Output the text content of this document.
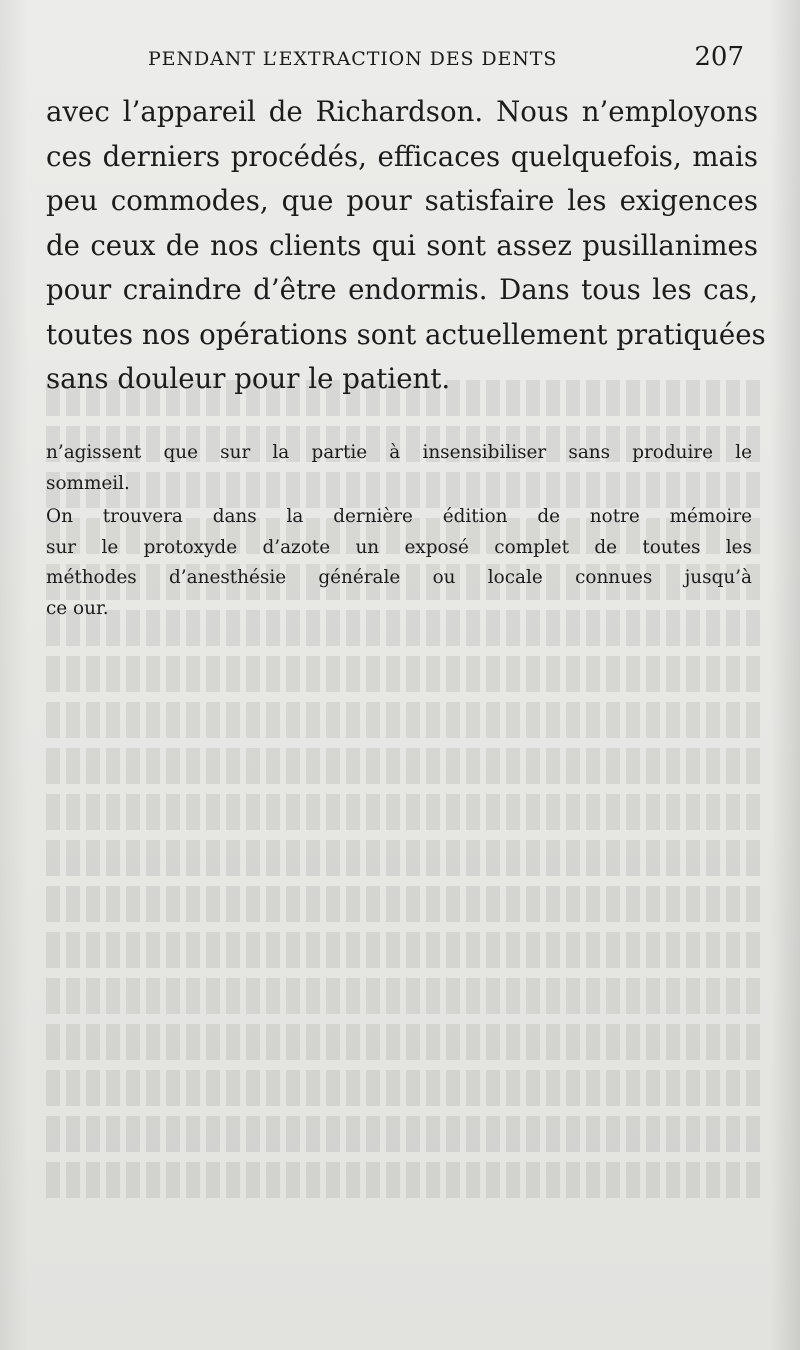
PENDANT L’EXTRACTION DES DENTS	207
avec l’appareil de Richardson. Nous n’employons
ces derniers procédés, efficaces quelquefois, mais
peu commodes, que pour satisfaire les exigences
de ceux de nos clients qui sont assez pusillanimes
pour craindre d’être endormis. Dans tous les cas,
toutes nos opérations sont actuellement pratiquées
sans douleur pour le patient.
n’agissent que sur la partie à insensibiliser sans produire le
sommeil.
On trouvera dans la dernière édition de notre mémoire
sur le protoxyde d’azote un exposé complet de toutes les
méthodes d’anesthésie générale ou locale connues jusqu’à
ce our.
